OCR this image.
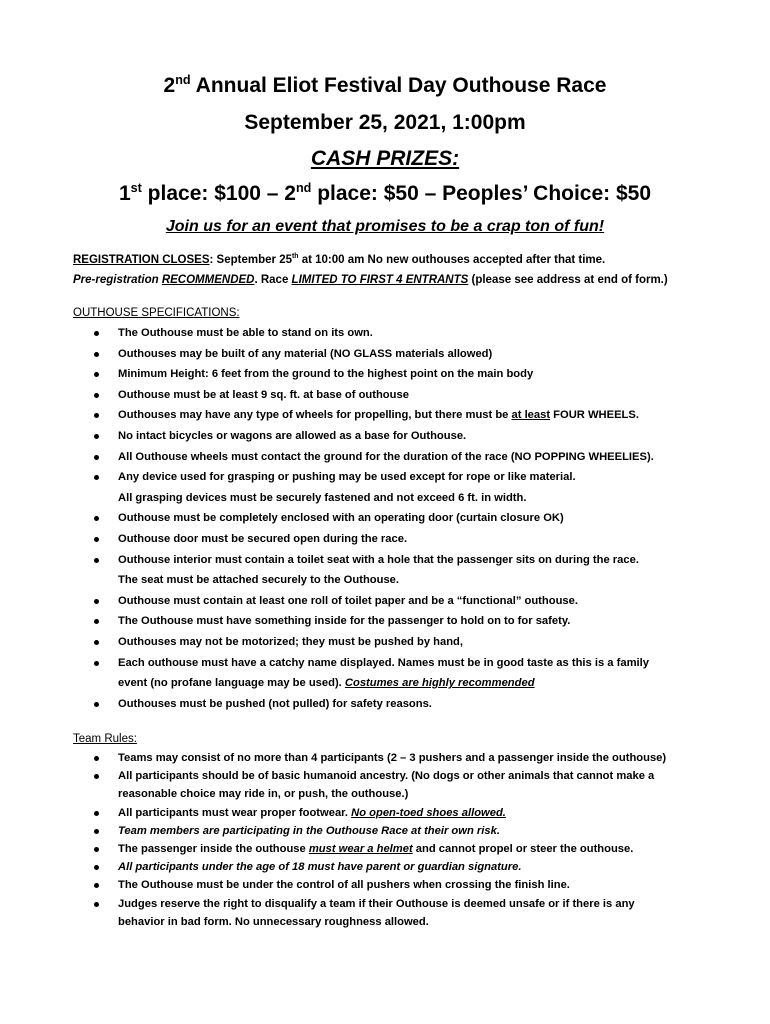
2nd Annual Eliot Festival Day Outhouse Race
September 25, 2021, 1:00pm
CASH PRIZES:
1st place: $100 – 2nd place: $50 – Peoples’ Choice: $50
Join us for an event that promises to be a crap ton of fun!
REGISTRATION CLOSES: September 25th at 10:00 am No new outhouses accepted after that time.
Pre-registration RECOMMENDED. Race LIMITED TO FIRST 4 ENTRANTS (please see address at end of form.)
OUTHOUSE SPECIFICATIONS:
The Outhouse must be able to stand on its own.
Outhouses may be built of any material (NO GLASS materials allowed)
Minimum Height: 6 feet from the ground to the highest point on the main body
Outhouse must be at least 9 sq. ft. at base of outhouse
Outhouses may have any type of wheels for propelling, but there must be at least FOUR WHEELS.
No intact bicycles or wagons are allowed as a base for Outhouse.
All Outhouse wheels must contact the ground for the duration of the race (NO POPPING WHEELIES).
Any device used for grasping or pushing may be used except for rope or like material.
All grasping devices must be securely fastened and not exceed 6 ft. in width.
Outhouse must be completely enclosed with an operating door (curtain closure OK)
Outhouse door must be secured open during the race.
Outhouse interior must contain a toilet seat with a hole that the passenger sits on during the race.
The seat must be attached securely to the Outhouse.
Outhouse must contain at least one roll of toilet paper and be a “functional” outhouse.
The Outhouse must have something inside for the passenger to hold on to for safety.
Outhouses may not be motorized; they must be pushed by hand,
Each outhouse must have a catchy name displayed. Names must be in good taste as this is a family
event (no profane language may be used). Costumes are highly recommended
Outhouses must be pushed (not pulled) for safety reasons.
Team Rules:
Teams may consist of no more than 4 participants (2 – 3 pushers and a passenger inside the outhouse)
All participants should be of basic humanoid ancestry. (No dogs or other animals that cannot make a
reasonable choice may ride in, or push, the outhouse.)
All participants must wear proper footwear. No open-toed shoes allowed.
Team members are participating in the Outhouse Race at their own risk.
The passenger inside the outhouse must wear a helmet and cannot propel or steer the outhouse.
All participants under the age of 18 must have parent or guardian signature.
The Outhouse must be under the control of all pushers when crossing the finish line.
Judges reserve the right to disqualify a team if their Outhouse is deemed unsafe or if there is any
behavior in bad form. No unnecessary roughness allowed.
